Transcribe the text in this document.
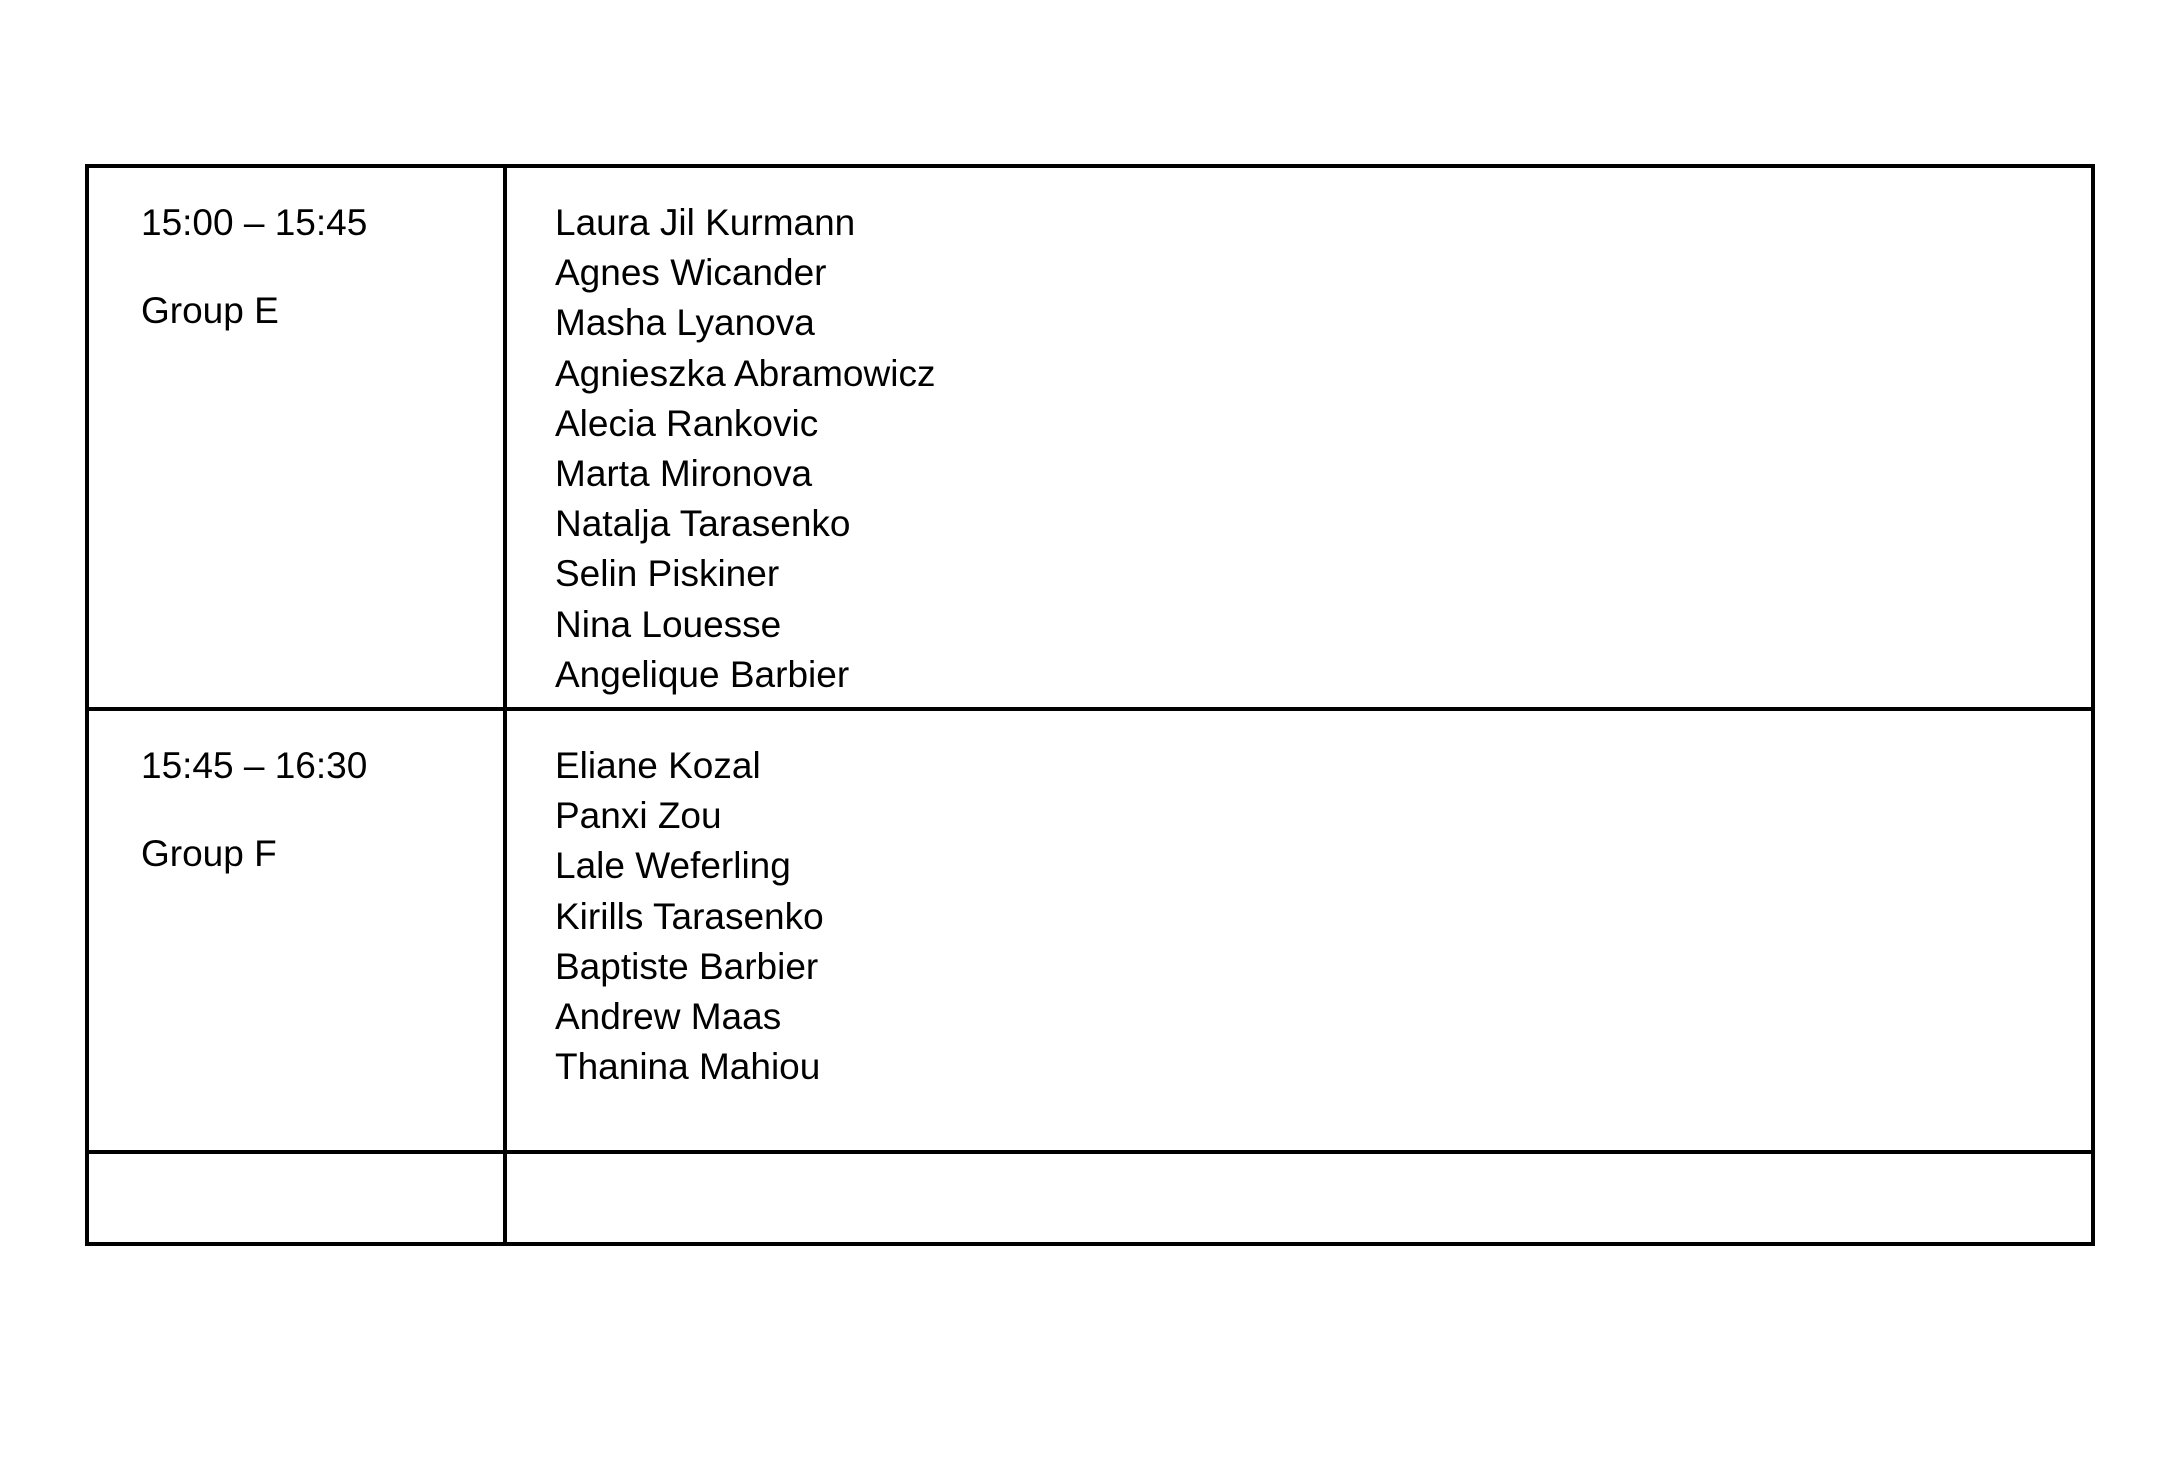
15:00 – 15:45
Group E
Laura Jil Kurmann
Agnes Wicander
Masha Lyanova
Agnieszka Abramowicz
Alecia Rankovic
Marta Mironova
Natalja Tarasenko
Selin Piskiner
Nina Louesse
Angelique Barbier
15:45 – 16:30
Group F
Eliane Kozal
Panxi Zou
Lale Weferling
Kirills Tarasenko
Baptiste Barbier
Andrew Maas
Thanina Mahiou
